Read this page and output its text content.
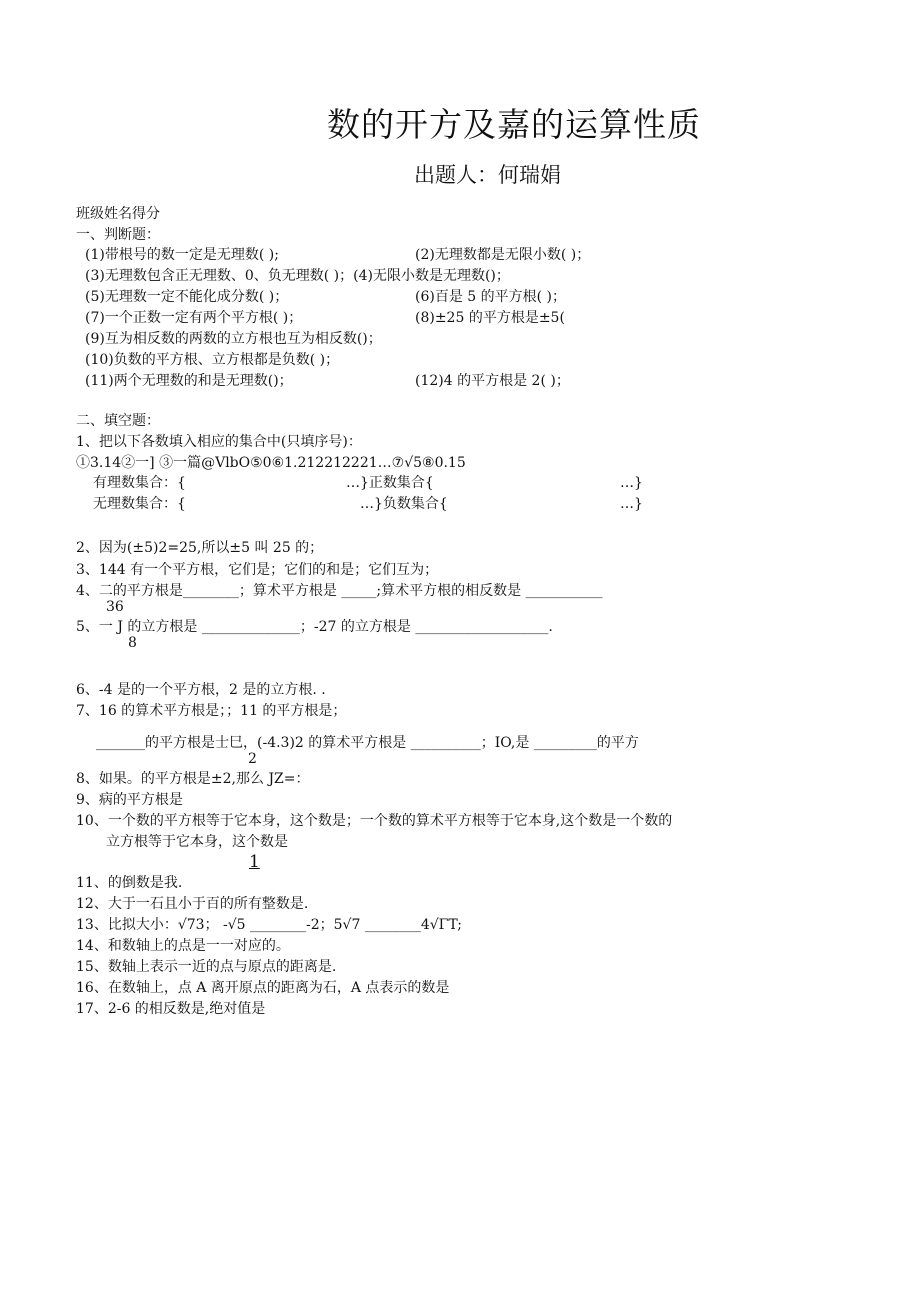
数的开方及嘉的运算性质
出题人：何瑞娟
班级姓名得分
一、判断题：
(1)带根号的数一定是无理数( );	(2)无理数都是无限小数( )；
(3)无理数包含正无理数、0、负无理数( )；(4)无限小数是无理数()；
(5)无理数一定不能化成分数( )；	(6)百是 5 的平方根( )；
(7)一个正数一定有两个平方根( )；	(8)±25 的平方根是±5(
(9)互为相反数的两数的立方根也互为相反数()；
(10)负数的平方根、立方根都是负数( )；
(11)两个无理数的和是无理数()；	(12)4 的平方根是 2( )；
二、填空题：
1、把以下各数填入相应的集合中(只填序号)：
①3.14②一] ③一篇@VlbO⑤0⑥1.212212221…⑦√5⑧0.15
有理数集合：{	…}正数集合{	…}
无理数集合：{	…}负数集合{	…}
2、因为(±5)2=25,所以±5 叫 25 的；
3、144 有一个平方根，它们是；它们的和是；它们互为；
4、二的平方根是________；算术平方根是 _____;算术平方根的相反数是 ___________
36
5、一 J 的立方根是 ______________；-27 的立方根是 ___________________.
8
6、-4 是的一个平方根，2 是的立方根. .
7、16 的算术平方根是；；11 的平方根是；
_______的平方根是士巳，(-4.3)2 的算术平方根是 __________；IO,是 _________的平方
2
8、如果。的平方根是±2,那么 JZ=：
9、病的平方根是
10、一个数的平方根等于它本身，这个数是；一个数的算术平方根等于它本身,这个数是一个数的
立方根等于它本身，这个数是
1
11、的倒数是我.
12、大于一石且小于百的所有整数是.
13、比拟大小：√73； -√5 ________-2；5√7 ________4√ΓT;
14、和数轴上的点是一一对应的。
15、数轴上表示一近的点与原点的距离是.
16、在数轴上，点 A 离开原点的距离为石，A 点表示的数是
17、2-6 的相反数是,绝对值是
